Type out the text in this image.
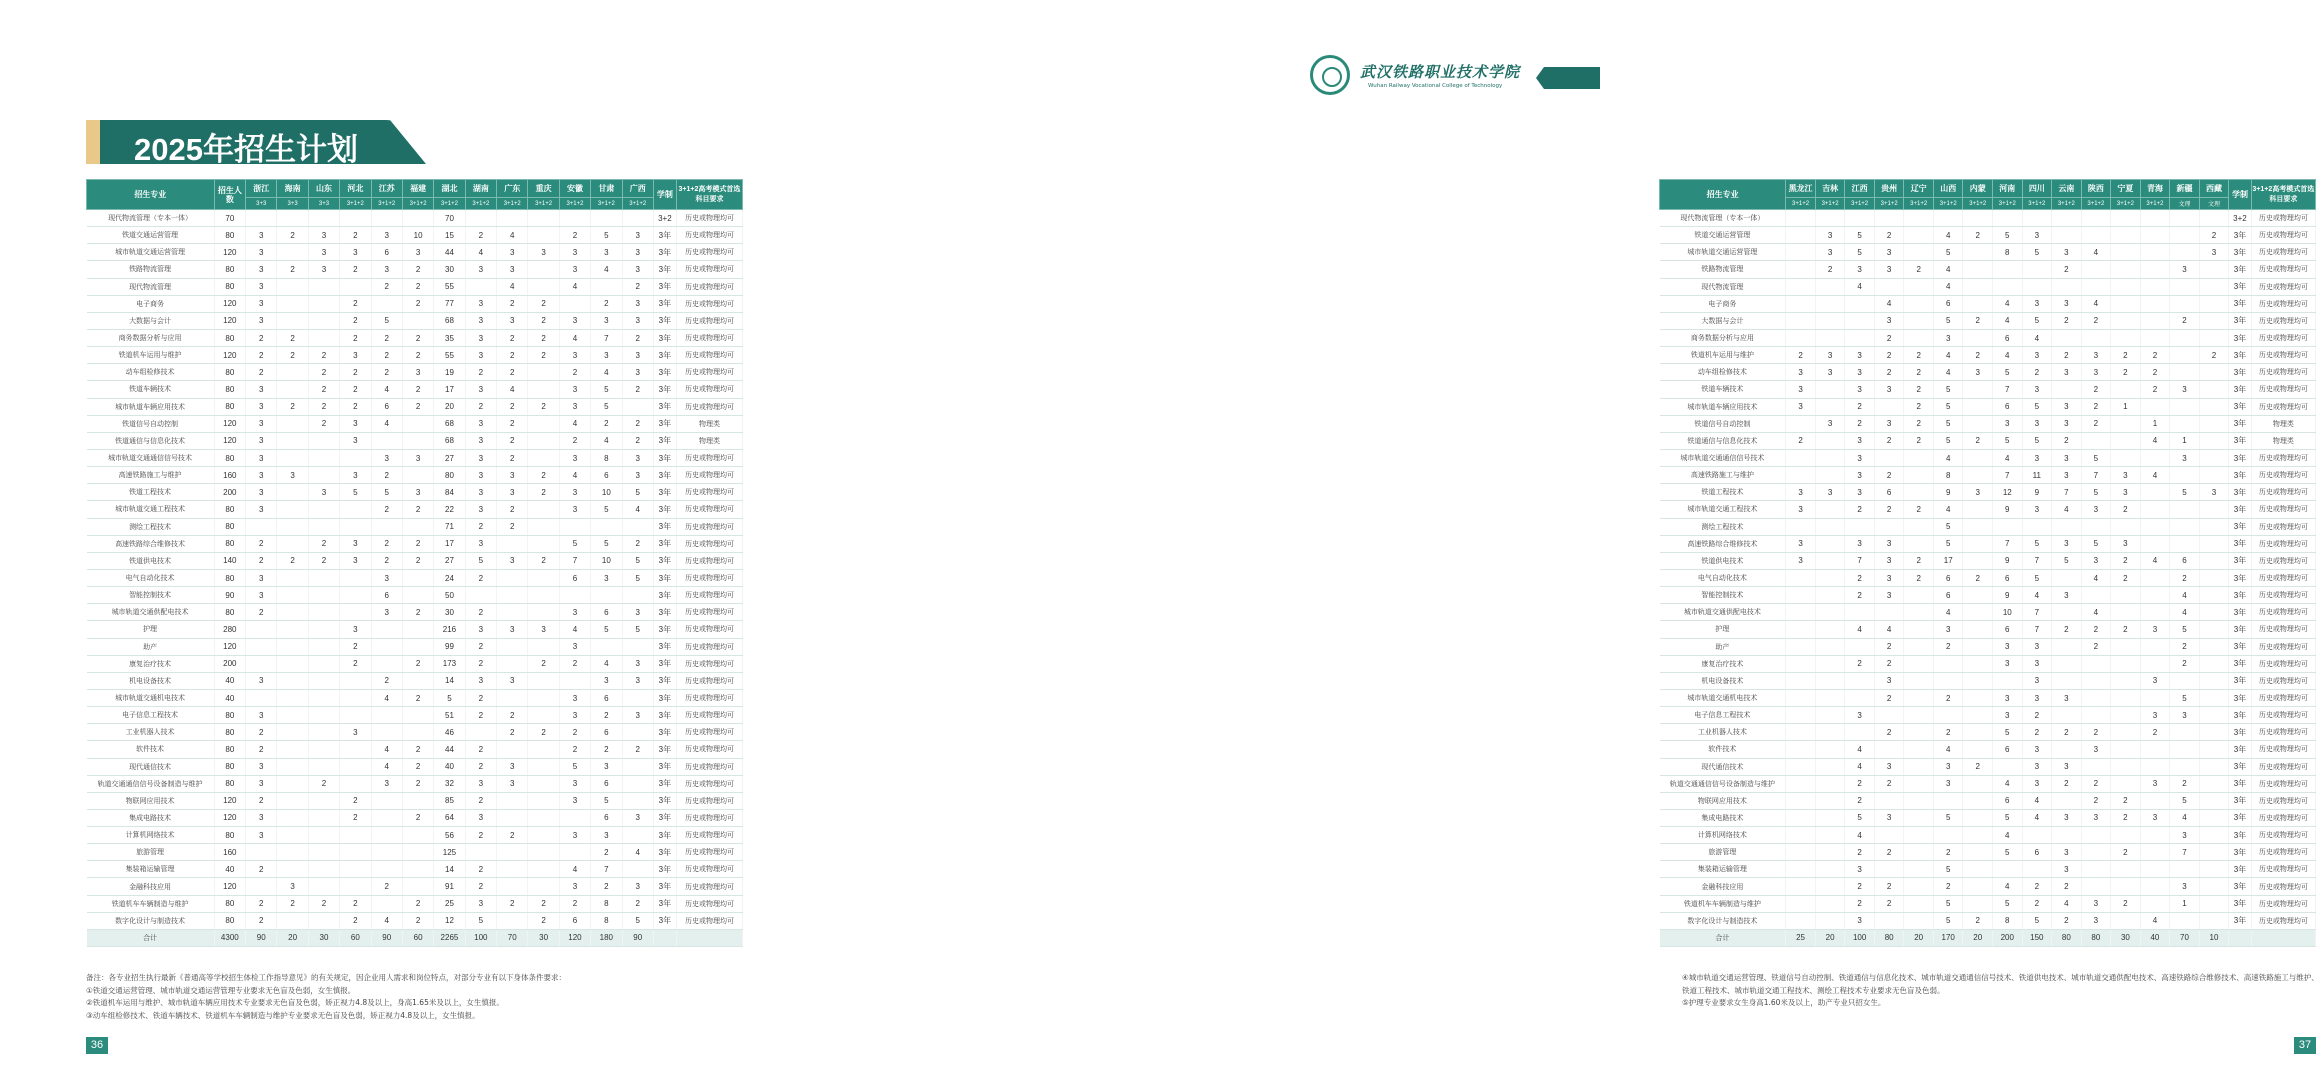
2025年招生计划
招生专业	招生人数	浙江	海南	山东	河北	江苏	福建	湖北	湖南	广东	重庆	安徽	甘肃	广西	学制	3+1+2高考模式首选科目要求
		3+3	3+3	3+3	3+1+2	3+1+2	3+1+2	3+1+2	3+1+2	3+1+2	3+1+2	3+1+2	3+1+2	3+1+2		
现代物流管理（专本一体）	70							70							3+2	历史或物理均可
铁道交通运营管理	80	3	2	3	2	3	10	15	2	4		2	5	3	3年	历史或物理均可
城市轨道交通运营管理	120	3		3	3	6	3	44	4	3	3	3	3	3	3年	历史或物理均可
铁路物流管理	80	3	2	3	2	3	2	30	3	3		3	4	3	3年	历史或物理均可
现代物流管理	80	3				2	2	55		4		4		2	3年	历史或物理均可
电子商务	120	3			2		2	77	3	2	2		2	3	3年	历史或物理均可
大数据与会计	120	3			2	5		68	3	3	2	3	3	3	3年	历史或物理均可
商务数据分析与应用	80	2	2		2	2	2	35	3	2	2	4	7	2	3年	历史或物理均可
铁道机车运用与维护	120	2	2	2	3	2	2	55	3	2	2	3	3	3	3年	历史或物理均可
动车组检修技术	80	2		2	2	2	3	19	2	2		2	4	3	3年	历史或物理均可
铁道车辆技术	80	3		2	2	4	2	17	3	4		3	5	2	3年	历史或物理均可
城市轨道车辆应用技术	80	3	2	2	2	6	2	20	2	2	2	3	5		3年	历史或物理均可
铁道信号自动控制	120	3		2	3	4		68	3	2		4	2	2	3年	物理类
铁道通信与信息化技术	120	3			3			68	3	2		2	4	2	3年	物理类
城市轨道交通通信信号技术	80	3				3	3	27	3	2		3	8	3	3年	历史或物理均可
高速铁路施工与维护	160	3	3		3	2		80	3	3	2	4	6	3	3年	历史或物理均可
铁道工程技术	200	3		3	5	5	3	84	3	3	2	3	10	5	3年	历史或物理均可
城市轨道交通工程技术	80	3				2	2	22	3	2		3	5	4	3年	历史或物理均可
测绘工程技术	80							71	2	2					3年	历史或物理均可
高速铁路综合维修技术	80	2		2	3	2	2	17	3			5	5	2	3年	历史或物理均可
铁道供电技术	140	2	2	2	3	2	2	27	5	3	2	7	10	5	3年	历史或物理均可
电气自动化技术	80	3				3		24	2			6	3	5	3年	历史或物理均可
智能控制技术	90	3				6		50							3年	历史或物理均可
城市轨道交通供配电技术	80	2				3	2	30	2			3	6	3	3年	历史或物理均可
护理	280				3			216	3	3	3	4	5	5	3年	历史或物理均可
助产	120				2			99	2			3			3年	历史或物理均可
康复治疗技术	200				2		2	173	2		2	2	4	3	3年	历史或物理均可
机电设备技术	40	3				2		14	3	3			3	3	3年	历史或物理均可
城市轨道交通机电技术	40					4	2	5	2			3	6		3年	历史或物理均可
电子信息工程技术	80	3						51	2	2		3	2	3	3年	历史或物理均可
工业机器人技术	80	2			3			46		2	2	2	6		3年	历史或物理均可
软件技术	80	2				4	2	44	2			2	2	2	3年	历史或物理均可
现代通信技术	80	3				4	2	40	2	3		5	3		3年	历史或物理均可
轨道交通通信信号设备制造与维护	80	3		2		3	2	32	3	3		3	6		3年	历史或物理均可
物联网应用技术	120	2			2			85	2			3	5		3年	历史或物理均可
集成电路技术	120	3			2		2	64	3				6	3	3年	历史或物理均可
计算机网络技术	80	3						56	2	2		3	3		3年	历史或物理均可
旅游管理	160							125					2	4	3年	历史或物理均可
集装箱运输管理	40	2						14	2			4	7		3年	历史或物理均可
金融科技应用	120		3			2		91	2			3	2	3	3年	历史或物理均可
铁道机车车辆制造与维护	80	2	2	2	2		2	25	3	2	2	2	8	2	3年	历史或物理均可
数字化设计与制造技术	80	2			2	4	2	12	5		2	6	8	5	3年	历史或物理均可
合计	4300	90	20	30	60	90	60	2265	100	70	30	120	180	90		
备注：各专业招生执行最新《普通高等学校招生体检工作指导意见》的有关规定，因企业用人需求和岗位特点，对部分专业有以下身体条件要求：
①铁道交通运营管理、城市轨道交通运营管理专业要求无色盲及色弱，女生慎报。
②铁道机车运用与维护、城市轨道车辆应用技术专业要求无色盲及色弱，矫正视力4.8及以上，身高1.65米及以上，女生慎报。
③动车组检修技术、铁道车辆技术、铁道机车车辆制造与维护专业要求无色盲及色弱，矫正视力4.8及以上，女生慎报。
36
武汉铁路职业技术学院
Wuhan Railway Vocational College of Technology
招生专业	黑龙江	吉林	江西	贵州	辽宁	山西	内蒙	河南	四川	云南	陕西	宁夏	青海	新疆	西藏	学制	3+1+2高考模式首选科目要求
	3+1+2	3+1+2	3+1+2	3+1+2	3+1+2	3+1+2	3+1+2	3+1+2	3+1+2	3+1+2	3+1+2	3+1+2	3+1+2	文理	文理		
现代物流管理（专本一体）																3+2	历史或物理均可
铁道交通运营管理		3	5	2		4	2	5	3						2	3年	历史或物理均可
城市轨道交通运营管理		3	5	3		5		8	5	3	4				3	3年	历史或物理均可
铁路物流管理		2	3	3	2	4				2				3		3年	历史或物理均可
现代物流管理			4			4										3年	历史或物理均可
电子商务				4		6		4	3	3	4					3年	历史或物理均可
大数据与会计				3		5	2	4	5	2	2			2		3年	历史或物理均可
商务数据分析与应用				2		3		6	4							3年	历史或物理均可
铁道机车运用与维护	2	3	3	2	2	4	2	4	3	2	3	2	2		2	3年	历史或物理均可
动车组检修技术	3	3	3	2	2	4	3	5	2	3	3	2	2			3年	历史或物理均可
铁道车辆技术	3		3	3	2	5		7	3		2		2	3		3年	历史或物理均可
城市轨道车辆应用技术	3		2		2	5		6	5	3	2	1				3年	历史或物理均可
铁道信号自动控制		3	2	3	2	5		3	3	3	2		1			3年	物理类
铁道通信与信息化技术	2		3	2	2	5	2	5	5	2			4	1		3年	物理类
城市轨道交通通信信号技术			3			4		4	3	3	5			3		3年	历史或物理均可
高速铁路施工与维护			3	2		8		7	11	3	7	3	4			3年	历史或物理均可
铁道工程技术	3	3	3	6		9	3	12	9	7	5	3		5	3	3年	历史或物理均可
城市轨道交通工程技术	3		2	2	2	4		9	3	4	3	2				3年	历史或物理均可
测绘工程技术						5										3年	历史或物理均可
高速铁路综合维修技术	3		3	3		5		7	5	3	5	3				3年	历史或物理均可
铁道供电技术	3		7	3	2	17		9	7	5	3	2	4	6		3年	历史或物理均可
电气自动化技术			2	3	2	6	2	6	5		4	2		2		3年	历史或物理均可
智能控制技术			2	3		6		9	4	3				4		3年	历史或物理均可
城市轨道交通供配电技术						4		10	7		4			4		3年	历史或物理均可
护理			4	4		3		6	7	2	2	2	3	5		3年	历史或物理均可
助产				2		2		3	3		2			2		3年	历史或物理均可
康复治疗技术			2	2				3	3					2		3年	历史或物理均可
机电设备技术				3					3				3			3年	历史或物理均可
城市轨道交通机电技术				2		2		3	3	3				5		3年	历史或物理均可
电子信息工程技术			3					3	2				3	3		3年	历史或物理均可
工业机器人技术				2		2		5	2	2	2		2			3年	历史或物理均可
软件技术			4			4		6	3		3					3年	历史或物理均可
现代通信技术			4	3		3	2		3	3						3年	历史或物理均可
轨道交通通信信号设备制造与维护			2	2		3		4	3	2	2		3	2		3年	历史或物理均可
物联网应用技术			2					6	4		2	2		5		3年	历史或物理均可
集成电路技术			5	3		5		5	4	3	3	2	3	4		3年	历史或物理均可
计算机网络技术			4					4						3		3年	历史或物理均可
旅游管理			2	2		2		5	6	3		2		7		3年	历史或物理均可
集装箱运输管理			3			5				3						3年	历史或物理均可
金融科技应用			2	2		2		4	2	2				3		3年	历史或物理均可
铁道机车车辆制造与维护			2	2		5		5	2	4	3	2		1		3年	历史或物理均可
数字化设计与制造技术			3			5	2	8	5	2	3		4			3年	历史或物理均可
合计	25	20	100	80	20	170	20	200	150	80	80	30	40	70	10		
④城市轨道交通运营管理、铁道信号自动控制、铁道通信与信息化技术、城市轨道交通通信信号技术、铁道供电技术、城市轨道交通供配电技术、高速铁路综合维修技术、高速铁路施工与维护、铁道工程技术、城市轨道交通工程技术、测绘工程技术专业要求无色盲及色弱。
⑤护理专业要求女生身高1.60米及以上，助产专业只招女生。
37
